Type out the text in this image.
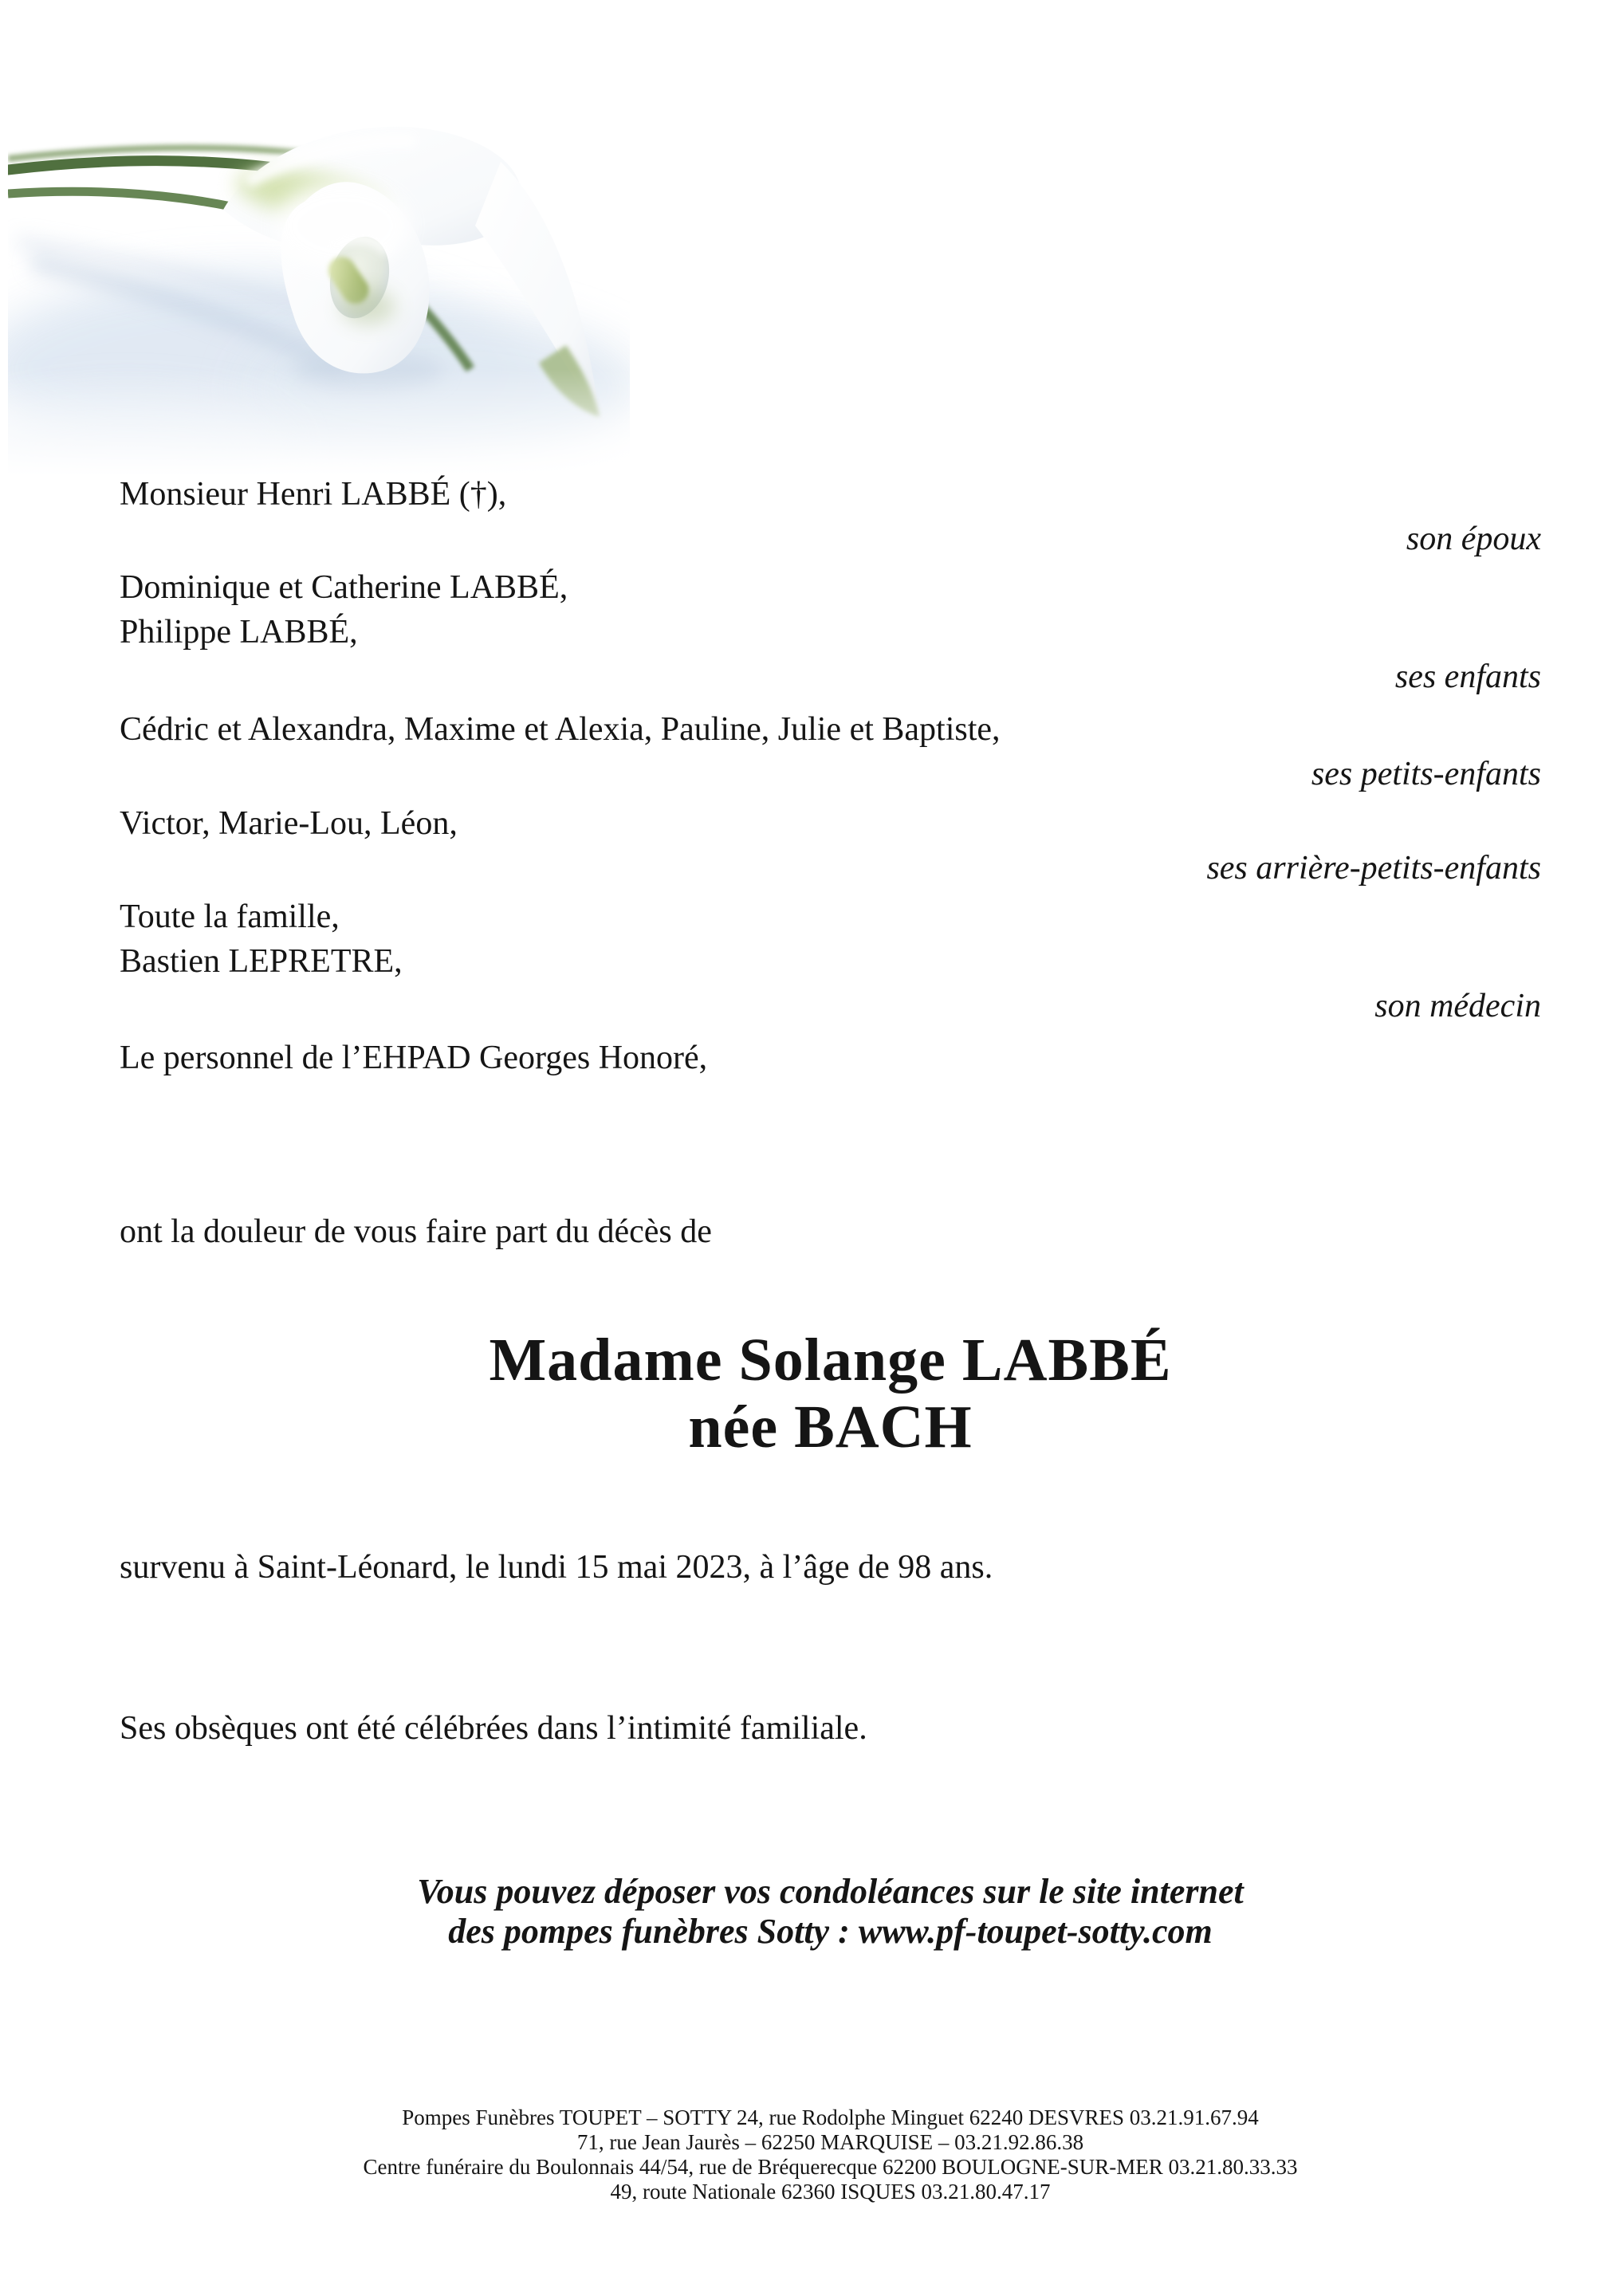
Monsieur Henri LABBÉ (†),
son époux
Dominique et Catherine LABBÉ,
Philippe LABBÉ,
ses enfants
Cédric et Alexandra, Maxime et Alexia, Pauline, Julie et Baptiste,
ses petits-enfants
Victor, Marie-Lou, Léon,
ses arrière-petits-enfants
Toute la famille,
Bastien LEPRETRE,
son médecin
Le personnel de l’EHPAD Georges Honoré,
ont la douleur de vous faire part du décès de
Madame Solange LABBÉ
née BACH
survenu à Saint-Léonard, le lundi 15 mai 2023, à l’âge de 98 ans.
Ses obsèques ont été célébrées dans l’intimité familiale.
Vous pouvez déposer vos condoléances sur le site internet
des pompes funèbres Sotty : www.pf-toupet-sotty.com
Pompes Funèbres TOUPET – SOTTY 24, rue Rodolphe Minguet 62240 DESVRES 03.21.91.67.94
71, rue Jean Jaurès – 62250 MARQUISE – 03.21.92.86.38
Centre funéraire du Boulonnais 44/54, rue de Bréquerecque 62200 BOULOGNE-SUR-MER 03.21.80.33.33
49, route Nationale 62360 ISQUES 03.21.80.47.17
